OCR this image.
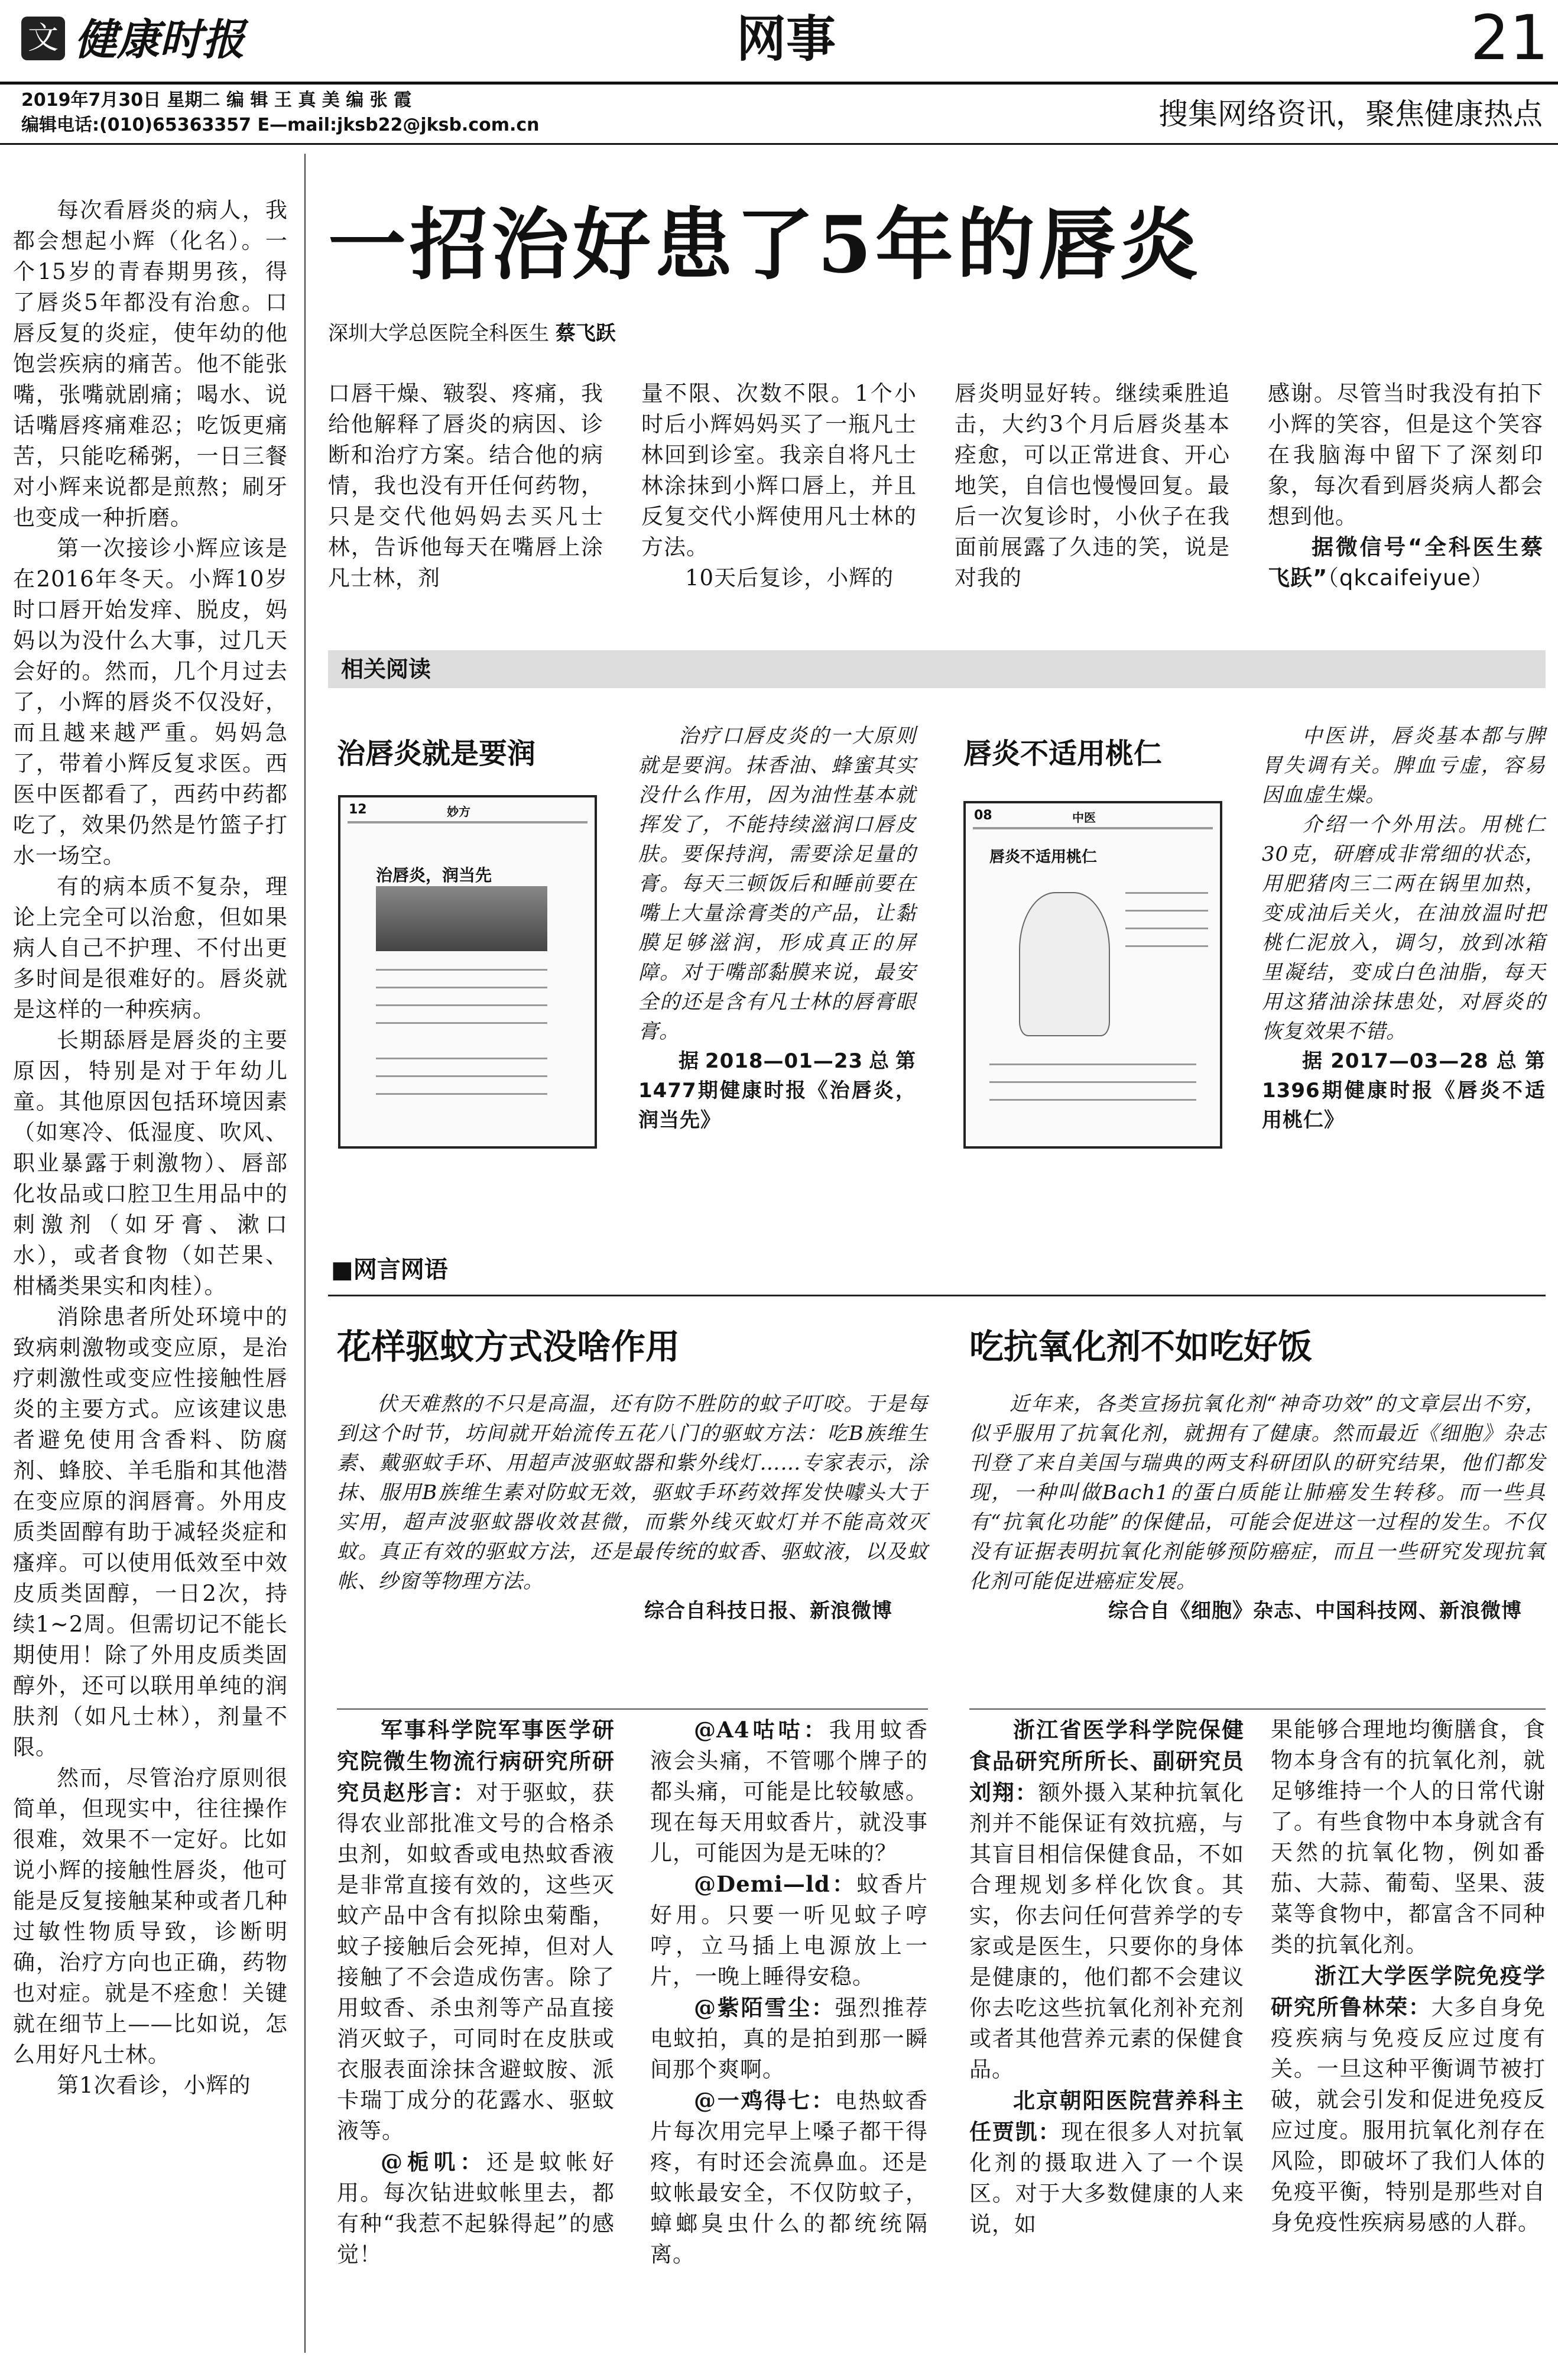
文 健康时报	网事	21
2019年7月30日 星期二 编 辑 王 真 美 编 张 霞
编辑电话:(010)65363357 E—mail:jksb22@jksb.com.cn	搜集网络资讯，聚焦健康热点

每次看唇炎的病人，我都会想起小辉（化名）。一个15岁的青春期男孩，得了唇炎5年都没有治愈。口唇反复的炎症，使年幼的他饱尝疾病的痛苦。他不能张嘴，张嘴就剧痛；喝水、说话嘴唇疼痛难忍；吃饭更痛苦，只能吃稀粥，一日三餐对小辉来说都是煎熬；刷牙也变成一种折磨。

第一次接诊小辉应该是在2016年冬天。小辉10岁时口唇开始发痒、脱皮，妈妈以为没什么大事，过几天会好的。然而，几个月过去了，小辉的唇炎不仅没好，而且越来越严重。妈妈急了，带着小辉反复求医。西医中医都看了，西药中药都吃了，效果仍然是竹篮子打水一场空。

有的病本质不复杂，理论上完全可以治愈，但如果病人自己不护理、不付出更多时间是很难好的。唇炎就是这样的一种疾病。

长期舔唇是唇炎的主要原因，特别是对于年幼儿童。其他原因包括环境因素（如寒冷、低湿度、吹风、职业暴露于刺激物）、唇部化妆品或口腔卫生用品中的刺激剂（如牙膏、漱口水），或者食物（如芒果、柑橘类果实和肉桂）。

消除患者所处环境中的致病刺激物或变应原，是治疗刺激性或变应性接触性唇炎的主要方式。应该建议患者避免使用含香料、防腐剂、蜂胶、羊毛脂和其他潜在变应原的润唇膏。外用皮质类固醇有助于减轻炎症和瘙痒。可以使用低效至中效皮质类固醇，一日2次，持续1~2周。但需切记不能长期使用！除了外用皮质类固醇外，还可以联用单纯的润肤剂（如凡士林），剂量不限。

然而，尽管治疗原则很简单，但现实中，往往操作很难，效果不一定好。比如说小辉的接触性唇炎，他可能是反复接触某种或者几种过敏性物质导致，诊断明确，治疗方向也正确，药物也对症。就是不痊愈！关键就在细节上——比如说，怎么用好凡士林。

第1次看诊，小辉的

一招治好患了5年的唇炎
深圳大学总医院全科医生 蔡飞跃

口唇干燥、皲裂、疼痛，我给他解释了唇炎的病因、诊断和治疗方案。结合他的病情，我也没有开任何药物，只是交代他妈妈去买凡士林，告诉他每天在嘴唇上涂凡士林，剂

量不限、次数不限。1个小时后小辉妈妈买了一瓶凡士林回到诊室。我亲自将凡士林涂抹到小辉口唇上，并且反复交代小辉使用凡士林的方法。

10天后复诊，小辉的

唇炎明显好转。继续乘胜追击，大约3个月后唇炎基本痊愈，可以正常进食、开心地笑，自信也慢慢回复。最后一次复诊时，小伙子在我面前展露了久违的笑，说是对我的

感谢。尽管当时我没有拍下小辉的笑容，但是这个笑容在我脑海中留下了深刻印象，每次看到唇炎病人都会想到他。

据微信号“全科医生蔡飞跃”（qkcaifeiyue）

相关阅读
治唇炎就是要润
12	妙方
治唇炎，润当先

治疗口唇皮炎的一大原则就是要润。抹香油、蜂蜜其实没什么作用，因为油性基本就挥发了，不能持续滋润口唇皮肤。要保持润，需要涂足量的膏。每天三顿饭后和睡前要在嘴上大量涂膏类的产品，让黏膜足够滋润，形成真正的屏障。对于嘴部黏膜来说，最安全的还是含有凡士林的唇膏眼膏。

据2018—01—23总第1477期健康时报《治唇炎，润当先》

唇炎不适用桃仁
08	中医
唇炎不适用桃仁

中医讲，唇炎基本都与脾胃失调有关。脾血亏虚，容易因血虚生燥。

介绍一个外用法。用桃仁30克，研磨成非常细的状态，用肥猪肉三二两在锅里加热，变成油后关火，在油放温时把桃仁泥放入，调匀，放到冰箱里凝结，变成白色油脂，每天用这猪油涂抹患处，对唇炎的恢复效果不错。

据2017—03—28总第1396期健康时报《唇炎不适用桃仁》

■网言网语
花样驱蚊方式没啥作用

伏天难熬的不只是高温，还有防不胜防的蚊子叮咬。于是每到这个时节，坊间就开始流传五花八门的驱蚊方法：吃B族维生素、戴驱蚊手环、用超声波驱蚊器和紫外线灯……专家表示，涂抹、服用B族维生素对防蚊无效，驱蚊手环药效挥发快噱头大于实用，超声波驱蚊器收效甚微，而紫外线灭蚊灯并不能高效灭蚊。真正有效的驱蚊方法，还是最传统的蚊香、驱蚊液，以及蚊帐、纱窗等物理方法。

综合自科技日报、新浪微博

军事科学院军事医学研究院微生物流行病研究所研究员赵彤言：对于驱蚊，获得农业部批准文号的合格杀虫剂，如蚊香或电热蚊香液是非常直接有效的，这些灭蚊产品中含有拟除虫菊酯，蚊子接触后会死掉，但对人接触了不会造成伤害。除了用蚊香、杀虫剂等产品直接消灭蚊子，可同时在皮肤或衣服表面涂抹含避蚊胺、派卡瑞丁成分的花露水、驱蚊液等。

@栀叽：还是蚊帐好用。每次钻进蚊帐里去，都有种“我惹不起躲得起”的感觉！

@A4咕咕：我用蚊香液会头痛，不管哪个牌子的都头痛，可能是比较敏感。现在每天用蚊香片，就没事儿，可能因为是无味的？

@Demi—ld：蚊香片好用。只要一听见蚊子哼哼，立马插上电源放上一片，一晚上睡得安稳。

@紫陌雪尘：强烈推荐电蚊拍，真的是拍到那一瞬间那个爽啊。

@一鸡得七：电热蚊香片每次用完早上嗓子都干得疼，有时还会流鼻血。还是蚊帐最安全，不仅防蚊子，蟑螂臭虫什么的都统统隔离。

吃抗氧化剂不如吃好饭

近年来，各类宣扬抗氧化剂“神奇功效”的文章层出不穷，似乎服用了抗氧化剂，就拥有了健康。然而最近《细胞》杂志刊登了来自美国与瑞典的两支科研团队的研究结果，他们都发现，一种叫做Bach1的蛋白质能让肺癌发生转移。而一些具有“抗氧化功能”的保健品，可能会促进这一过程的发生。不仅没有证据表明抗氧化剂能够预防癌症，而且一些研究发现抗氧化剂可能促进癌症发展。

综合自《细胞》杂志、中国科技网、新浪微博

浙江省医学科学院保健食品研究所所长、副研究员刘翔：额外摄入某种抗氧化剂并不能保证有效抗癌，与其盲目相信保健食品，不如合理规划多样化饮食。其实，你去问任何营养学的专家或是医生，只要你的身体是健康的，他们都不会建议你去吃这些抗氧化剂补充剂或者其他营养元素的保健食品。

北京朝阳医院营养科主任贾凯：现在很多人对抗氧化剂的摄取进入了一个误区。对于大多数健康的人来说，如

果能够合理地均衡膳食，食物本身含有的抗氧化剂，就足够维持一个人的日常代谢了。有些食物中本身就含有天然的抗氧化物，例如番茄、大蒜、葡萄、坚果、菠菜等食物中，都富含不同种类的抗氧化剂。

浙江大学医学院免疫学研究所鲁林荣：大多自身免疫疾病与免疫反应过度有关。一旦这种平衡调节被打破，就会引发和促进免疫反应过度。服用抗氧化剂存在风险，即破坏了我们人体的免疫平衡，特别是那些对自身免疫性疾病易感的人群。
